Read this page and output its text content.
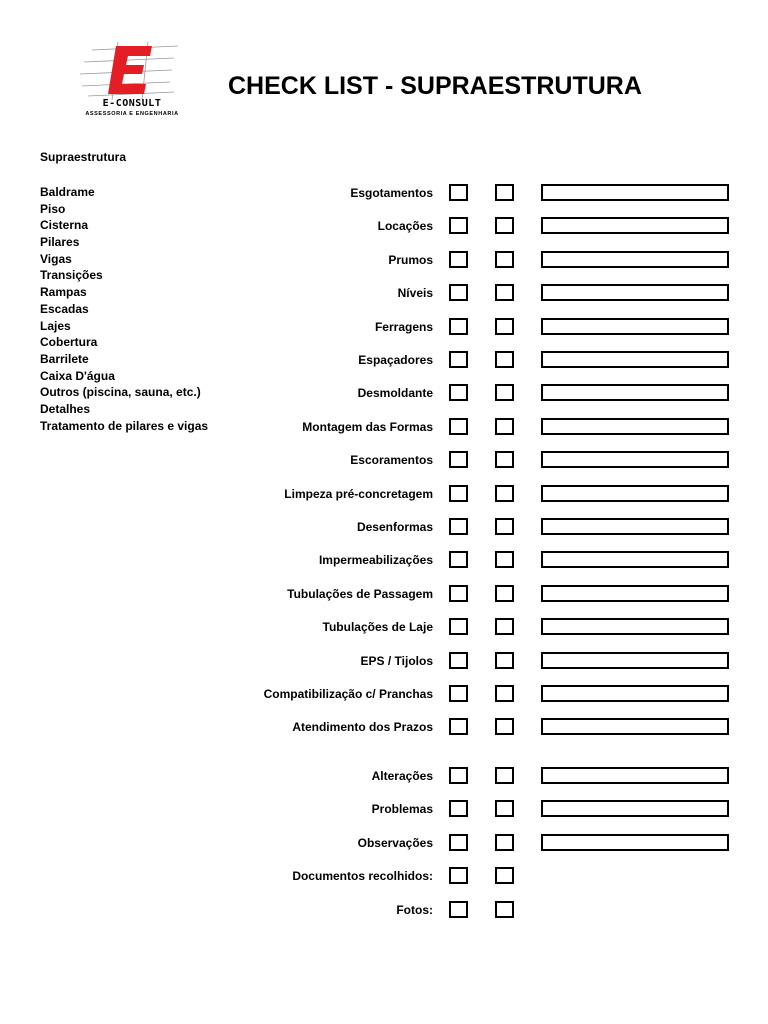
E-CONSULT
ASSESSORIA E ENGENHARIA
CHECK LIST - SUPRAESTRUTURA
Supraestrutura
Baldrame
Piso
Cisterna
Pilares
Vigas
Transições
Rampas
Escadas
Lajes
Cobertura
Barrilete
Caixa D'água
Outros (piscina, sauna, etc.)
Detalhes
Tratamento de pilares e vigas
Esgotamentos
Locações
Prumos
Níveis
Ferragens
Espaçadores
Desmoldante
Montagem das Formas
Escoramentos
Limpeza pré-concretagem
Desenformas
Impermeabilizações
Tubulações de Passagem
Tubulações de Laje
EPS / Tijolos
Compatibilização c/ Pranchas
Atendimento dos Prazos
Alterações
Problemas
Observações
Documentos recolhidos:
Fotos:
